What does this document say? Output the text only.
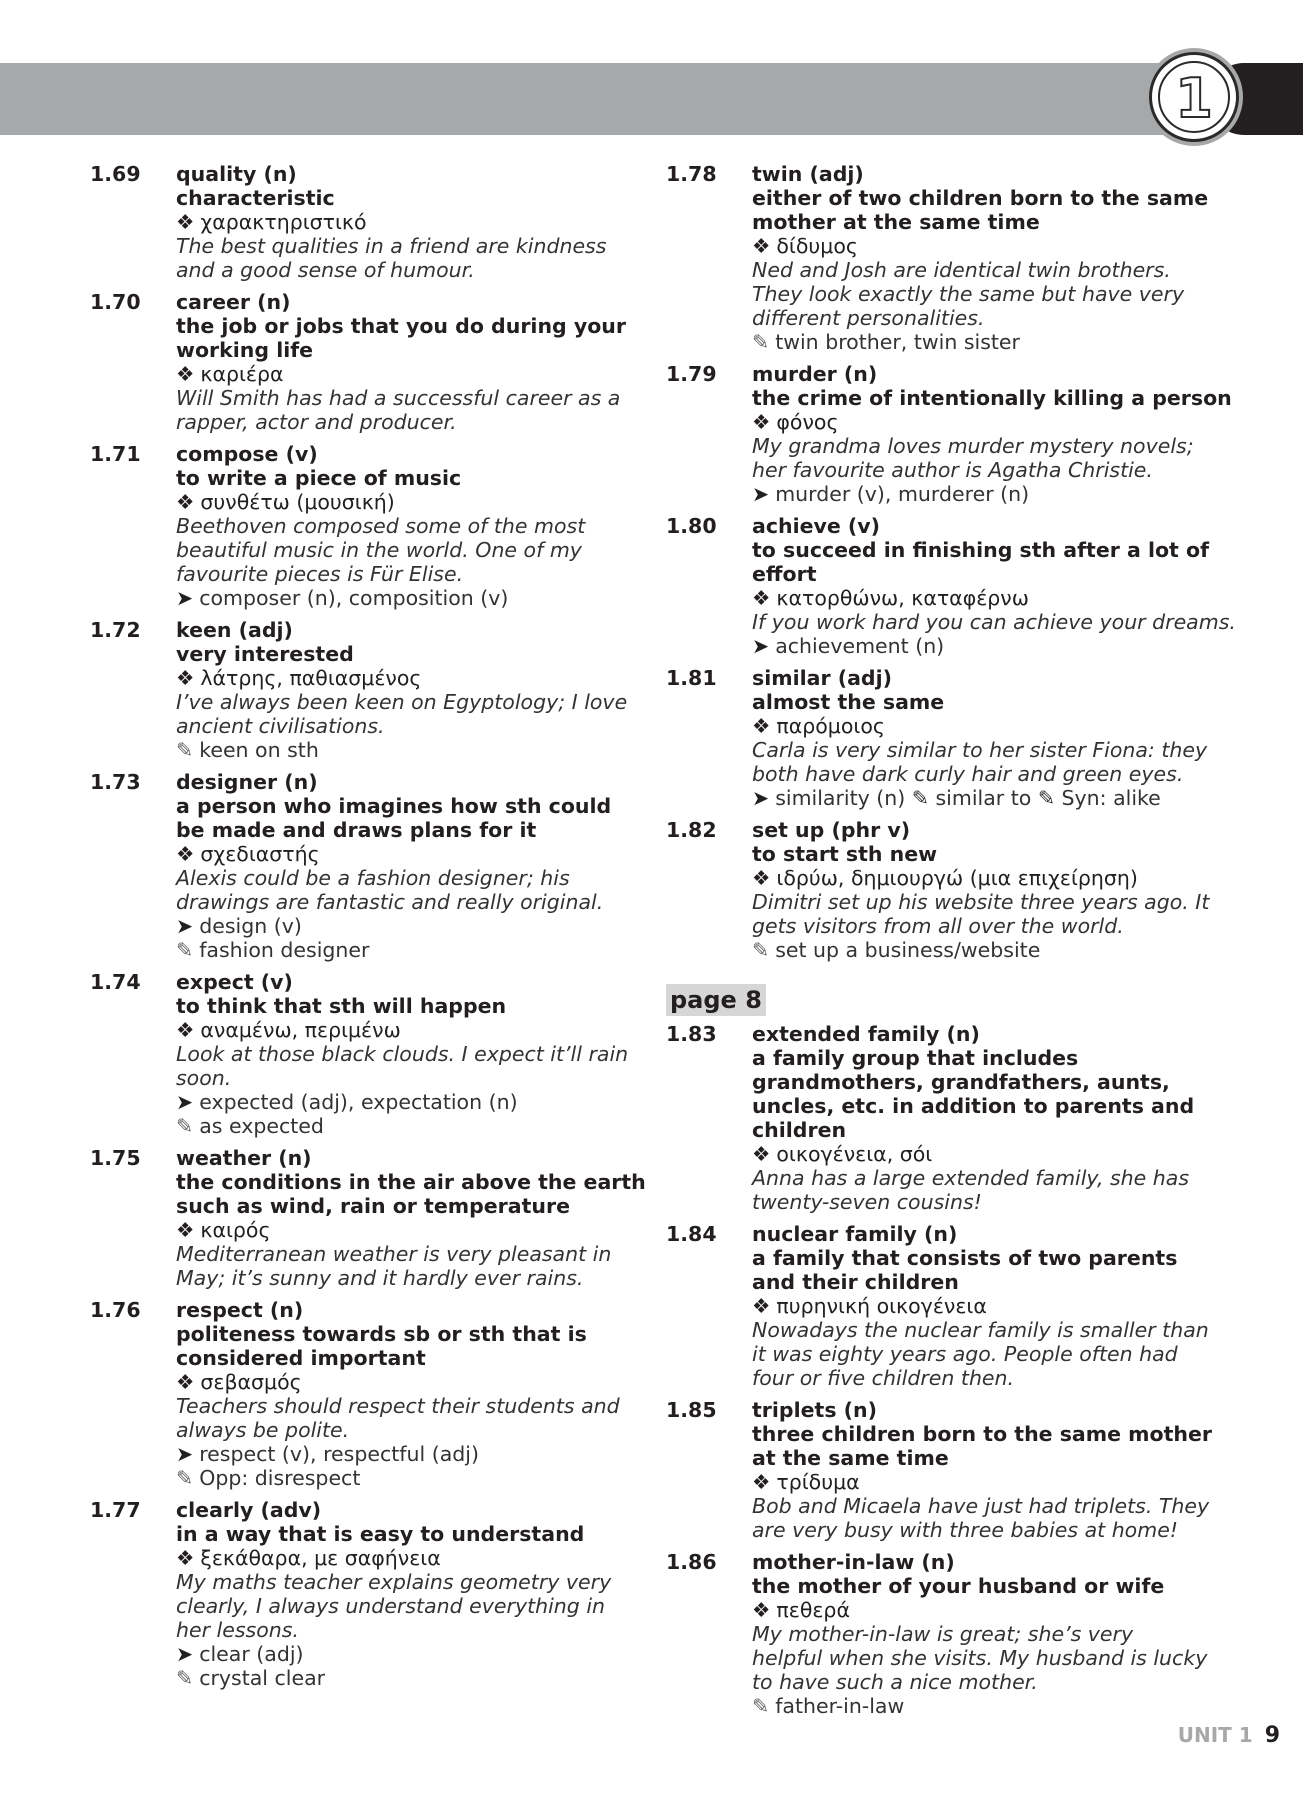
1
1.69	quality (n)
characteristic
❖ χαρακτηριστικό
The best qualities in a friend are kindness
and a good sense of humour.
1.70	career (n)
the job or jobs that you do during your
working life
❖ καριέρα
Will Smith has had a successful career as a
rapper, actor and producer.
1.71	compose (v)
to write a piece of music
❖ συνθέτω (μουσική)
Beethoven composed some of the most
beautiful music in the world. One of my
favourite pieces is Für Elise.
➤ composer (n), composition (v)
1.72	keen (adj)
very interested
❖ λάτρης, παθιασμένος
I’ve always been keen on Egyptology; I love
ancient civilisations.
✎ keen on sth
1.73	designer (n)
a person who imagines how sth could
be made and draws plans for it
❖ σχεδιαστής
Alexis could be a fashion designer; his
drawings are fantastic and really original.
➤ design (v)
✎ fashion designer
1.74	expect (v)
to think that sth will happen
❖ αναμένω, περιμένω
Look at those black clouds. I expect it’ll rain
soon.
➤ expected (adj), expectation (n)
✎ as expected
1.75	weather (n)
the conditions in the air above the earth
such as wind, rain or temperature
❖ καιρός
Mediterranean weather is very pleasant in
May; it’s sunny and it hardly ever rains.
1.76	respect (n)
politeness towards sb or sth that is
considered important
❖ σεβασμός
Teachers should respect their students and
always be polite.
➤ respect (v), respectful (adj)
✎ Opp: disrespect
1.77	clearly (adv)
in a way that is easy to understand
❖ ξεκάθαρα, με σαφήνεια
My maths teacher explains geometry very
clearly, I always understand everything in
her lessons.
➤ clear (adj)
✎ crystal clear
1.78	twin (adj)
either of two children born to the same
mother at the same time
❖ δίδυμος
Ned and Josh are identical twin brothers.
They look exactly the same but have very
different personalities.
✎ twin brother, twin sister
1.79	murder (n)
the crime of intentionally killing a person
❖ φόνος
My grandma loves murder mystery novels;
her favourite author is Agatha Christie.
➤ murder (v), murderer (n)
1.80	achieve (v)
to succeed in finishing sth after a lot of
effort
❖ κατορθώνω, καταφέρνω
If you work hard you can achieve your dreams.
➤ achievement (n)
1.81	similar (adj)
almost the same
❖ παρόμοιος
Carla is very similar to her sister Fiona: they
both have dark curly hair and green eyes.
➤ similarity (n) ✎ similar to ✎ Syn: alike
1.82	set up (phr v)
to start sth new
❖ ιδρύω, δημιουργώ (μια επιχείρηση)
Dimitri set up his website three years ago. It
gets visitors from all over the world.
✎ set up a business/website
page 8
1.83	extended family (n)
a family group that includes
grandmothers, grandfathers, aunts,
uncles, etc. in addition to parents and
children
❖ οικογένεια, σόι
Anna has a large extended family, she has
twenty-seven cousins!
1.84	nuclear family (n)
a family that consists of two parents
and their children
❖ πυρηνική οικογένεια
Nowadays the nuclear family is smaller than
it was eighty years ago. People often had
four or five children then.
1.85	triplets (n)
three children born to the same mother
at the same time
❖ τρίδυμα
Bob and Micaela have just had triplets. They
are very busy with three babies at home!
1.86	mother-in-law (n)
the mother of your husband or wife
❖ πεθερά
My mother-in-law is great; she’s very
helpful when she visits. My husband is lucky
to have such a nice mother.
✎ father-in-law
UNIT 1 9
